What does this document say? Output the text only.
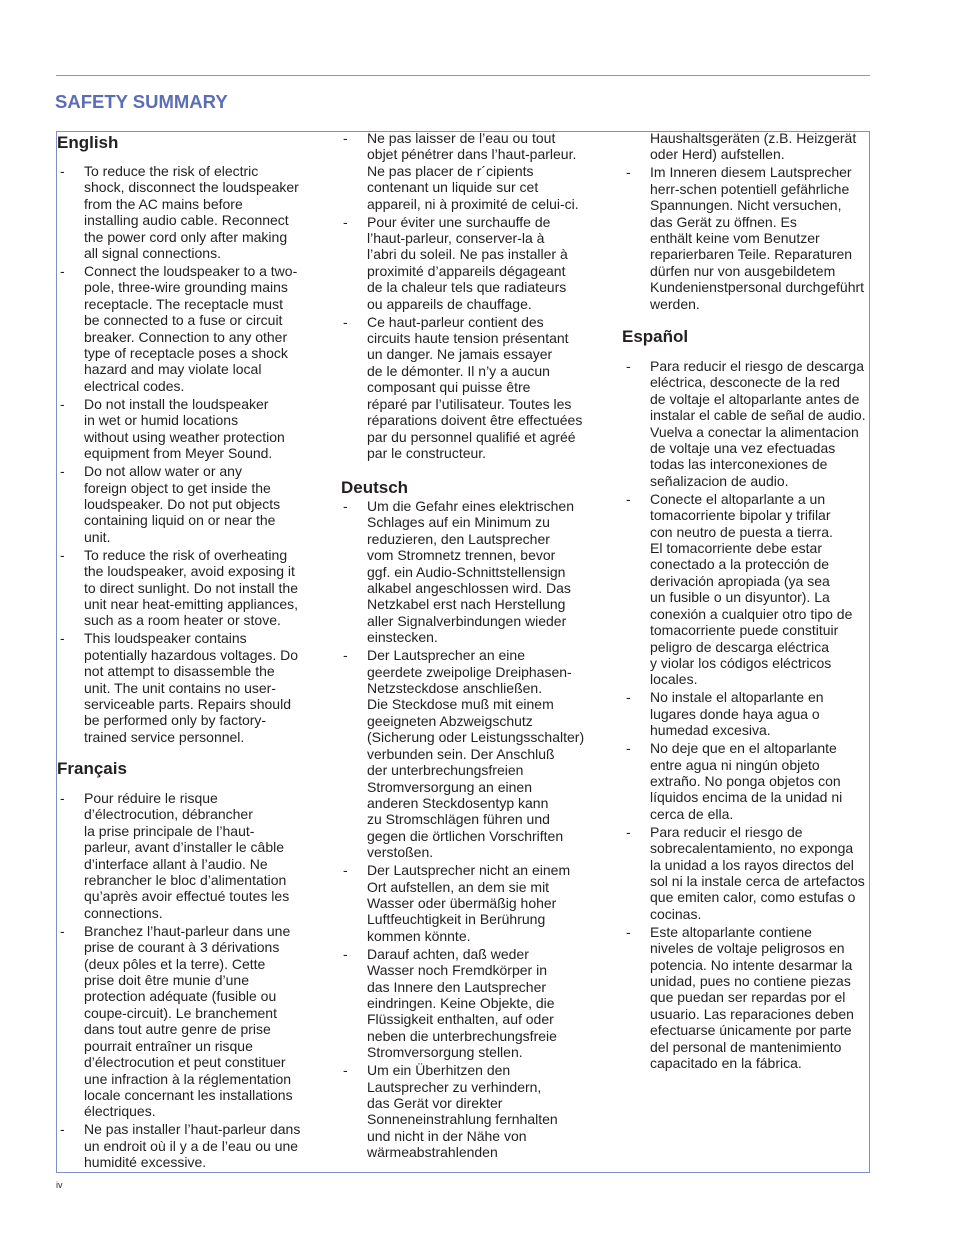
SAFETY SUMMARY
English
- To reduce the risk of electric
shock, disconnect the loudspeaker
from the AC mains before
installing audio cable. Reconnect
the power cord only after making
all signal connections.
- Connect the loudspeaker to a two-
pole, three-wire grounding mains
receptacle. The receptacle must
be connected to a fuse or circuit
breaker. Connection to any other
type of receptacle poses a shock
hazard and may violate local
electrical codes.
- Do not install the loudspeaker
in wet or humid locations
without using weather protection
equipment from Meyer Sound.
- Do not allow water or any
foreign object to get inside the
loudspeaker. Do not put objects
containing liquid on or near the
unit.
- To reduce the risk of overheating
the loudspeaker, avoid exposing it
to direct sunlight. Do not install the
unit near heat-emitting appliances,
such as a room heater or stove.
- This loudspeaker contains
potentially hazardous voltages. Do
not attempt to disassemble the
unit. The unit contains no user-
serviceable parts. Repairs should
be performed only by factory-
trained service personnel.
Français
- Pour réduire le risque
d’électrocution, débrancher
la prise principale de l’haut-
parleur, avant d’installer le câble
d’interface allant à l’audio. Ne
rebrancher le bloc d’alimentation
qu’après avoir effectué toutes les
connections.
- Branchez l’haut-parleur dans une
prise de courant à 3 dérivations
(deux pôles et la terre). Cette
prise doit être munie d’une
protection adéquate (fusible ou
coupe-circuit). Le branchement
dans tout autre genre de prise
pourrait entraîner un risque
d’électrocution et peut constituer
une infraction à la réglementation
locale concernant les installations
électriques.
- Ne pas installer l’haut-parleur dans
un endroit où il y a de l’eau ou une
humidité excessive.
- Ne pas laisser de l’eau ou tout
objet pénétrer dans l’haut-parleur.
Ne pas placer de r´cipients
contenant un liquide sur cet
appareil, ni à proximité de celui-ci.
- Pour éviter une surchauffe de
l’haut-parleur, conserver-la à
l’abri du soleil. Ne pas installer à
proximité d’appareils dégageant
de la chaleur tels que radiateurs
ou appareils de chauffage.
- Ce haut-parleur contient des
circuits haute tension présentant
un danger. Ne jamais essayer
de le démonter. Il n’y a aucun
composant qui puisse être
réparé par l’utilisateur. Toutes les
réparations doivent être effectuées
par du personnel qualifié et agréé
par le constructeur.
Deutsch
- Um die Gefahr eines elektrischen
Schlages auf ein Minimum zu
reduzieren, den Lautsprecher
vom Stromnetz trennen, bevor
ggf. ein Audio-Schnittstellensign
alkabel angeschlossen wird. Das
Netzkabel erst nach Herstellung
aller Signalverbindungen wieder
einstecken.
- Der Lautsprecher an eine
geerdete zweipolige Dreiphasen-
Netzsteckdose anschließen.
Die Steckdose muß mit einem
geeigneten Abzweigschutz
(Sicherung oder Leistungsschalter)
verbunden sein. Der Anschluß
der unterbrechungsfreien
Stromversorgung an einen
anderen Steckdosentyp kann
zu Stromschlägen führen und
gegen die örtlichen Vorschriften
verstoßen.
- Der Lautsprecher nicht an einem
Ort aufstellen, an dem sie mit
Wasser oder übermäßig hoher
Luftfeuchtigkeit in Berührung
kommen könnte.
- Darauf achten, daß weder
Wasser noch Fremdkörper in
das Innere den Lautsprecher
eindringen. Keine Objekte, die
Flüssigkeit enthalten, auf oder
neben die unterbrechungsfreie
Stromversorgung stellen.
- Um ein Überhitzen den
Lautsprecher zu verhindern,
das Gerät vor direkter
Sonneneinstrahlung fernhalten
und nicht in der Nähe von
wärmeabstrahlenden
Haushaltsgeräten (z.B. Heizgerät
oder Herd) aufstellen.
- Im Inneren diesem Lautsprecher
herr-schen potentiell gefährliche
Spannungen. Nicht versuchen,
das Gerät zu öffnen. Es
enthält keine vom Benutzer
reparierbaren Teile. Reparaturen
dürfen nur von ausgebildetem
Kundenienstpersonal durchgeführt
werden.
Español
- Para reducir el riesgo de descarga
eléctrica, desconecte de la red
de voltaje el altoparlante antes de
instalar el cable de señal de audio.
Vuelva a conectar la alimentacion
de voltaje una vez efectuadas
todas las interconexiones de
señalizacion de audio.
- Conecte el altoparlante a un
tomacorriente bipolar y trifilar
con neutro de puesta a tierra.
El tomacorriente debe estar
conectado a la protección de
derivación apropiada (ya sea
un fusible o un disyuntor). La
conexión a cualquier otro tipo de
tomacorriente puede constituir
peligro de descarga eléctrica
y violar los códigos eléctricos
locales.
- No instale el altoparlante en
lugares donde haya agua o
humedad excesiva.
- No deje que en el altoparlante
entre agua ni ningún objeto
extraño. No ponga objetos con
líquidos encima de la unidad ni
cerca de ella.
- Para reducir el riesgo de
sobrecalentamiento, no exponga
la unidad a los rayos directos del
sol ni la instale cerca de artefactos
que emiten calor, como estufas o
cocinas.
- Este altoparlante contiene
niveles de voltaje peligrosos en
potencia. No intente desarmar la
unidad, pues no contiene piezas
que puedan ser repardas por el
usuario. Las reparaciones deben
efectuarse únicamente por parte
del personal de mantenimiento
capacitado en la fábrica.
iv
